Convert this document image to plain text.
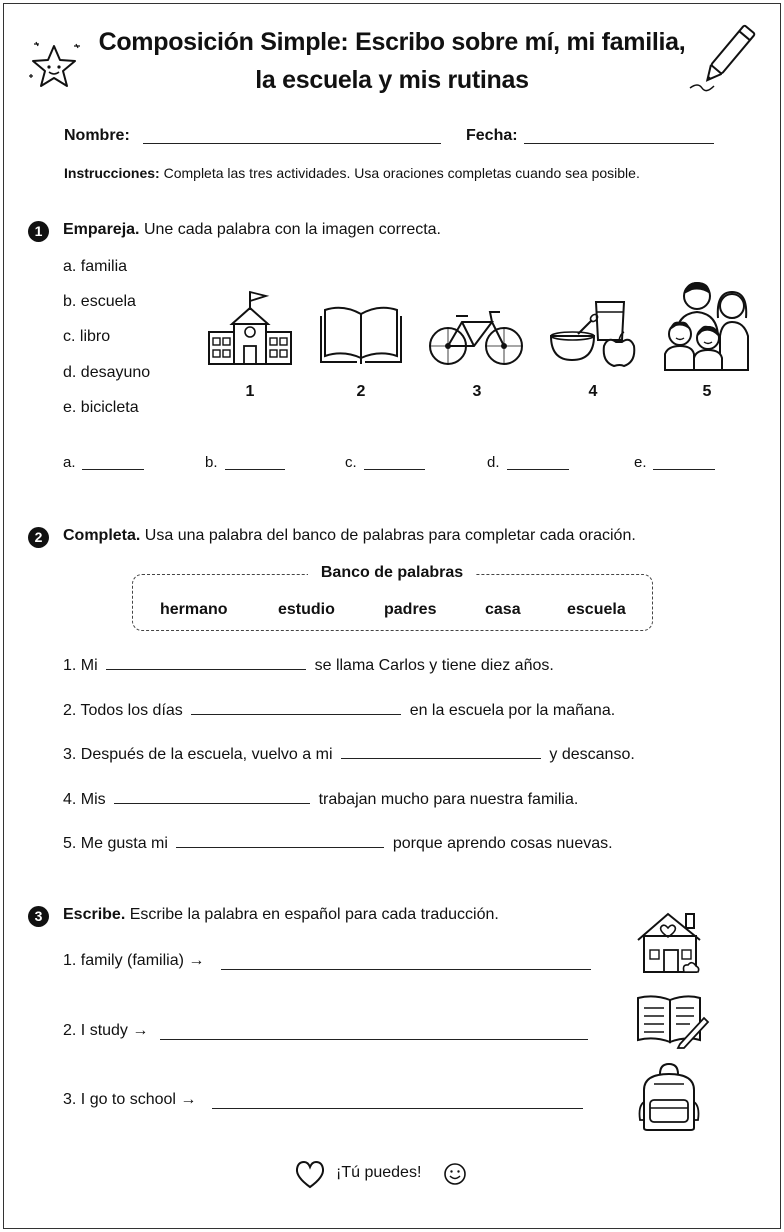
Composición Simple: Escribo sobre mí, mi familia,
la escuela y mis rutinas
Nombre:	Fecha:
Instrucciones: Completa las tres actividades. Usa oraciones completas cuando sea posible.
1	Empareja. Une cada palabra con la imagen correcta.
a. familia
b. escuela
c. libro
d. desayuno
e. bicicleta
1	2	3	4	5
a.	b.	c.	d.	e.
2	Completa. Usa una palabra del banco de palabras para completar cada oración.
Banco de palabras
hermano	estudio	padres	casa	escuela
1. Mi	se llama Carlos y tiene diez años.
2. Todos los días	en la escuela por la mañana.
3. Después de la escuela, vuelvo a mi	y descanso.
4. Mis	trabajan mucho para nuestra familia.
5. Me gusta mi	porque aprendo cosas nuevas.
3	Escribe. Escribe la palabra en español para cada traducción.
1. family (familia) →
2. I study →
3. I go to school →
¡Tú puedes!
